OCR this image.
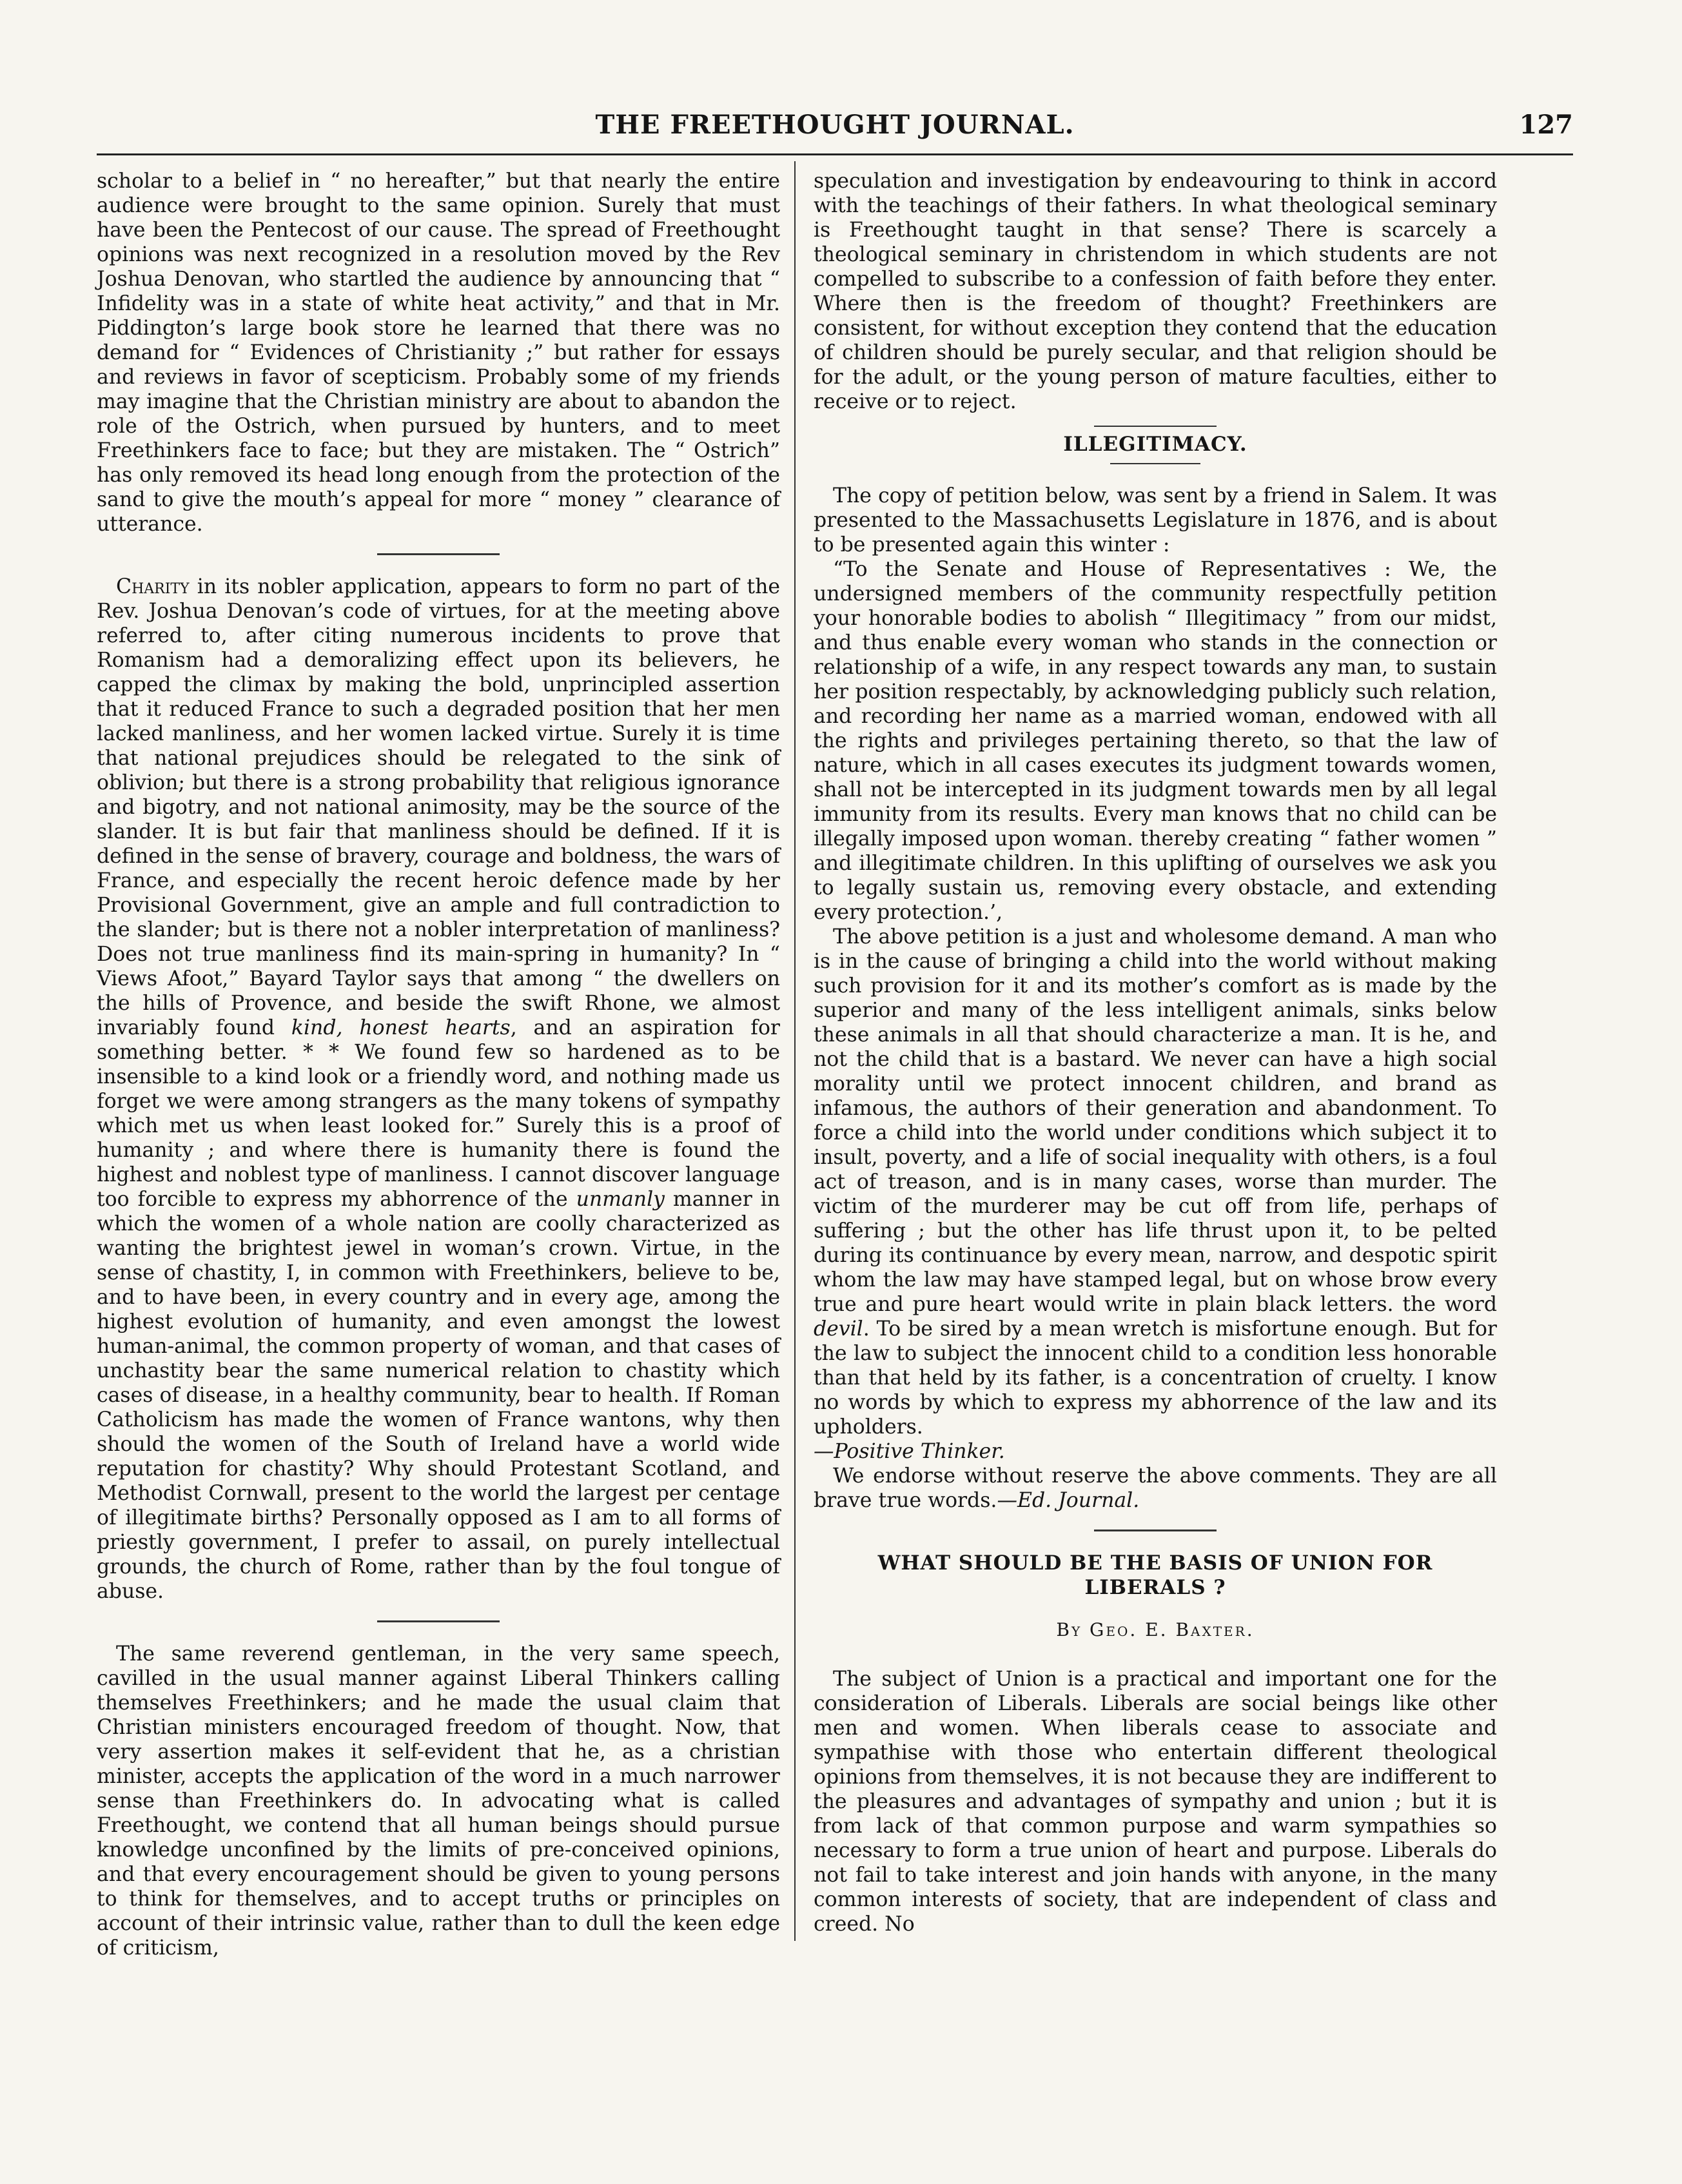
THE FREETHOUGHT JOURNAL.	127

scholar to a belief in “ no hereafter,” but that nearly the entire audience were brought to the same opinion. Surely that must have been the Pentecost of our cause. The spread of Freethought opinions was next recognized in a resolution moved by the Rev Joshua Denovan, who startled the audience by announcing that “ Infidelity was in a state of white heat activity,” and that in Mr. Piddington’s large book store he learned that there was no demand for “ Evidences of Christianity ;” but rather for essays and reviews in favor of scepticism. Probably some of my friends may imagine that the Christian ministry are about to abandon the role of the Ostrich, when pursued by hunters, and to meet Freethinkers face to face; but they are mistaken. The “ Ostrich” has only removed its head long enough from the protection of the sand to give the mouth’s appeal for more “ money ” clearance of utterance.

Charity in its nobler application, appears to form no part of the Rev. Joshua Denovan’s code of virtues, for at the meeting above referred to, after citing numerous incidents to prove that Romanism had a demoralizing effect upon its believers, he capped the climax by making the bold, unprincipled assertion that it reduced France to such a degraded position that her men lacked manliness, and her women lacked virtue. Surely it is time that national prejudices should be relegated to the sink of oblivion; but there is a strong probability that religious ignorance and bigotry, and not national animosity, may be the source of the slander. It is but fair that manliness should be defined. If it is defined in the sense of bravery, courage and boldness, the wars of France, and especially the recent heroic defence made by her Provisional Government, give an ample and full contradiction to the slander; but is there not a nobler interpretation of manliness? Does not true manliness find its main-spring in humanity? In “ Views Afoot,” Bayard Taylor says that among “ the dwellers on the hills of Provence, and beside the swift Rhone, we almost invariably found kind, honest hearts, and an aspiration for something better. * * We found few so hardened as to be insensible to a kind look or a friendly word, and nothing made us forget we were among strangers as the many tokens of sympathy which met us when least looked for.” Surely this is a proof of humanity ; and where there is humanity there is found the highest and noblest type of manliness. I cannot discover language too forcible to express my abhorrence of the unmanly manner in which the women of a whole nation are coolly characterized as wanting the brightest jewel in woman’s crown. Virtue, in the sense of chastity, I, in common with Freethinkers, believe to be, and to have been, in every country and in every age, among the highest evolution of humanity, and even amongst the lowest human-animal, the common property of woman, and that cases of unchastity bear the same numerical relation to chastity which cases of disease, in a healthy community, bear to health. If Roman Catholicism has made the women of France wantons, why then should the women of the South of Ireland have a world wide reputation for chastity? Why should Protestant Scotland, and Methodist Cornwall, present to the world the largest per centage of illegitimate births? Personally opposed as I am to all forms of priestly government, I prefer to assail, on purely intellectual grounds, the church of Rome, rather than by the foul tongue of abuse.

The same reverend gentleman, in the very same speech, cavilled in the usual manner against Liberal Thinkers calling themselves Freethinkers; and he made the usual claim that Christian ministers encouraged freedom of thought. Now, that very assertion makes it self-evident that he, as a christian minister, accepts the application of the word in a much narrower sense than Freethinkers do. In advocating what is called Freethought, we contend that all human beings should pursue knowledge unconfined by the limits of pre-conceived opinions, and that every encouragement should be given to young persons to think for themselves, and to accept truths or principles on account of their intrinsic value, rather than to dull the keen edge of criticism,

speculation and investigation by endeavouring to think in accord with the teachings of their fathers. In what theological seminary is Freethought taught in that sense? There is scarcely a theological seminary in christendom in which students are not compelled to subscribe to a confession of faith before they enter. Where then is the freedom of thought? Freethinkers are consistent, for without exception they contend that the education of children should be purely secular, and that religion should be for the adult, or the young person of mature faculties, either to receive or to reject.

ILLEGITIMACY.

The copy of petition below, was sent by a friend in Salem. It was presented to the Massachusetts Legislature in 1876, and is about to be presented again this winter :

“To the Senate and House of Representatives : We, the undersigned members of the community respectfully petition your honorable bodies to abolish “ Illegitimacy ” from our midst, and thus enable every woman who stands in the connection or relationship of a wife, in any respect towards any man, to sustain her position respectably, by acknowledging publicly such relation, and recording her name as a married woman, endowed with all the rights and privileges pertaining thereto, so that the law of nature, which in all cases executes its judgment towards women, shall not be intercepted in its judgment towards men by all legal immunity from its results. Every man knows that no child can be illegally imposed upon woman. thereby creating “ father women ” and illegitimate children. In this uplifting of ourselves we ask you to legally sustain us, removing every obstacle, and extending every protection.’,

The above petition is a just and wholesome demand. A man who is in the cause of bringing a child into the world without making such provision for it and its mother’s comfort as is made by the superior and many of the less intelligent animals, sinks below these animals in all that should characterize a man. It is he, and not the child that is a bastard. We never can have a high social morality until we protect innocent children, and brand as infamous, the authors of their generation and abandonment. To force a child into the world under conditions which subject it to insult, poverty, and a life of social inequality with others, is a foul act of treason, and is in many cases, worse than murder. The victim of the murderer may be cut off from life, perhaps of suffering ; but the other has life thrust upon it, to be pelted during its continuance by every mean, narrow, and despotic spirit whom the law may have stamped legal, but on whose brow every true and pure heart would write in plain black letters. the word devil. To be sired by a mean wretch is misfortune enough. But for the law to subject the innocent child to a condition less honorable than that held by its father, is a concentration of cruelty. I know no words by which to express my abhorrence of the law and its upholders.
—Positive Thinker.

We endorse without reserve the above comments. They are all brave true words.—Ed. Journal.

WHAT SHOULD BE THE BASIS OF UNION FOR LIBERALS ?
By Geo. E. Baxter.

The subject of Union is a practical and important one for the consideration of Liberals. Liberals are social beings like other men and women. When liberals cease to associate and sympathise with those who entertain different theological opinions from themselves, it is not because they are indifferent to the pleasures and advantages of sympathy and union ; but it is from lack of that common purpose and warm sympathies so necessary to form a true union of heart and purpose. Liberals do not fail to take interest and join hands with anyone, in the many common interests of society, that are independent of class and creed. No
